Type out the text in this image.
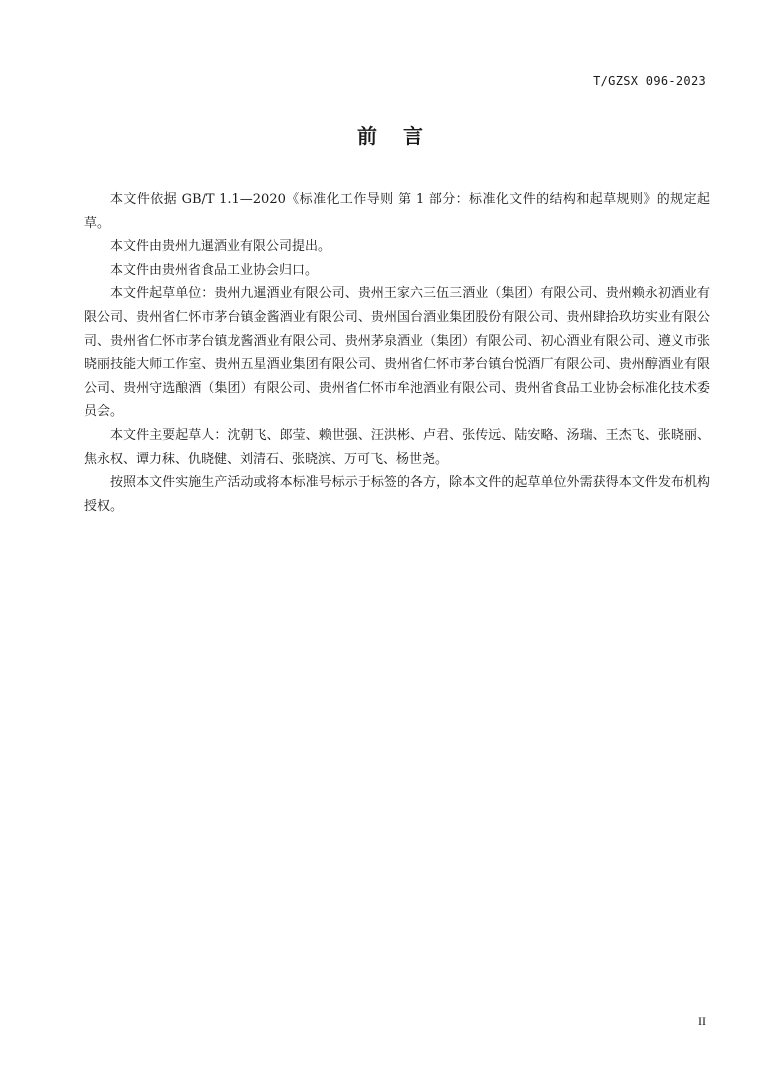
T/GZSX 096-2023
前言

本文件依据 GB/T 1.1—2020《标准化工作导则 第 1 部分：标准化文件的结构和起草规则》的规定起草。

本文件由贵州九暹酒业有限公司提出。

本文件由贵州省食品工业协会归口。

本文件起草单位：贵州九暹酒业有限公司、贵州王家六三伍三酒业（集团）有限公司、贵州赖永初酒业有限公司、贵州省仁怀市茅台镇金酱酒业有限公司、贵州国台酒业集团股份有限公司、贵州肆拾玖坊实业有限公司、贵州省仁怀市茅台镇龙酱酒业有限公司、贵州茅泉酒业（集团）有限公司、初心酒业有限公司、遵义市张晓丽技能大师工作室、贵州五星酒业集团有限公司、贵州省仁怀市茅台镇台悦酒厂有限公司、贵州醇酒业有限公司、贵州守选酿酒（集团）有限公司、贵州省仁怀市牟池酒业有限公司、贵州省食品工业协会标准化技术委员会。

本文件主要起草人：沈朝飞、郎莹、赖世强、汪洪彬、卢君、张传远、陆安略、汤瑞、王杰飞、张晓丽、焦永权、谭力秣、仇晓健、刘清石、张晓滨、万可飞、杨世尧。

按照本文件实施生产活动或将本标准号标示于标签的各方，除本文件的起草单位外需获得本文件发布机构授权。

II
